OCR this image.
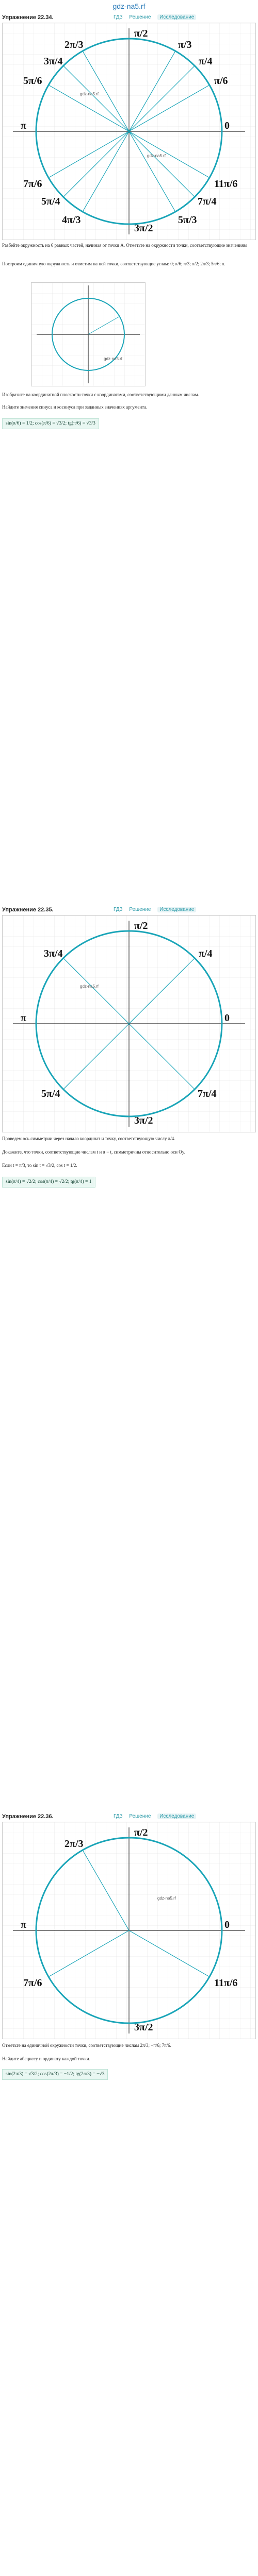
gdz-na5.rf
Упражнение 22.34.	ГДЗ Решение Исследование
π/2
π/3
π/4
π/6
0
2π/3
3π/4
5π/6
π
7π/6
5π/4
4π/3
3π/2
5π/3
7π/4
11π/6
gdz-na5.rf
gdz-na5.rf
Разбейте окружность на 6 равных частей, начиная от точки A. Отметьте на окружности точки, соответствующие значениям
Построим единичную окружность и отметим на ней точки, соответствующие углам: 0; π/6; π/3; π/2; 2π/3; 5π/6; π.
gdz-na5.rf
Изобразите на координатной плоскости точки с координатами, соответствующими данным числам.
Найдите значения синуса и косинуса при заданных значениях аргумента.
sin(π/6) = 1/2; cos(π/6) = √3/2; tg(π/6) = √3/3
Упражнение 22.35.	ГДЗ Решение Исследование
π/2
π/4
0
3π/4
π
5π/4
3π/2
7π/4
gdz-na5.rf
Проведем ось симметрии через начало координат и точку, соответствующую числу π/4.
Докажите, что точки, соответствующие числам t и π − t, симметричны относительно оси Oy.
Если t = π/3, то sin t = √3/2, cos t = 1/2.
sin(π/4) = √2/2; cos(π/4) = √2/2; tg(π/4) = 1
Упражнение 22.36.	ГДЗ Решение Исследование
π/2
2π/3
π
7π/6
0
11π/6
3π/2
gdz-na5.rf
Отметьте на единичной окружности точки, соответствующие числам 2π/3; −π/6; 7π/6.
Найдите абсциссу и ординату каждой точки.
sin(2π/3) = √3/2; cos(2π/3) = −1/2; tg(2π/3) = −√3
